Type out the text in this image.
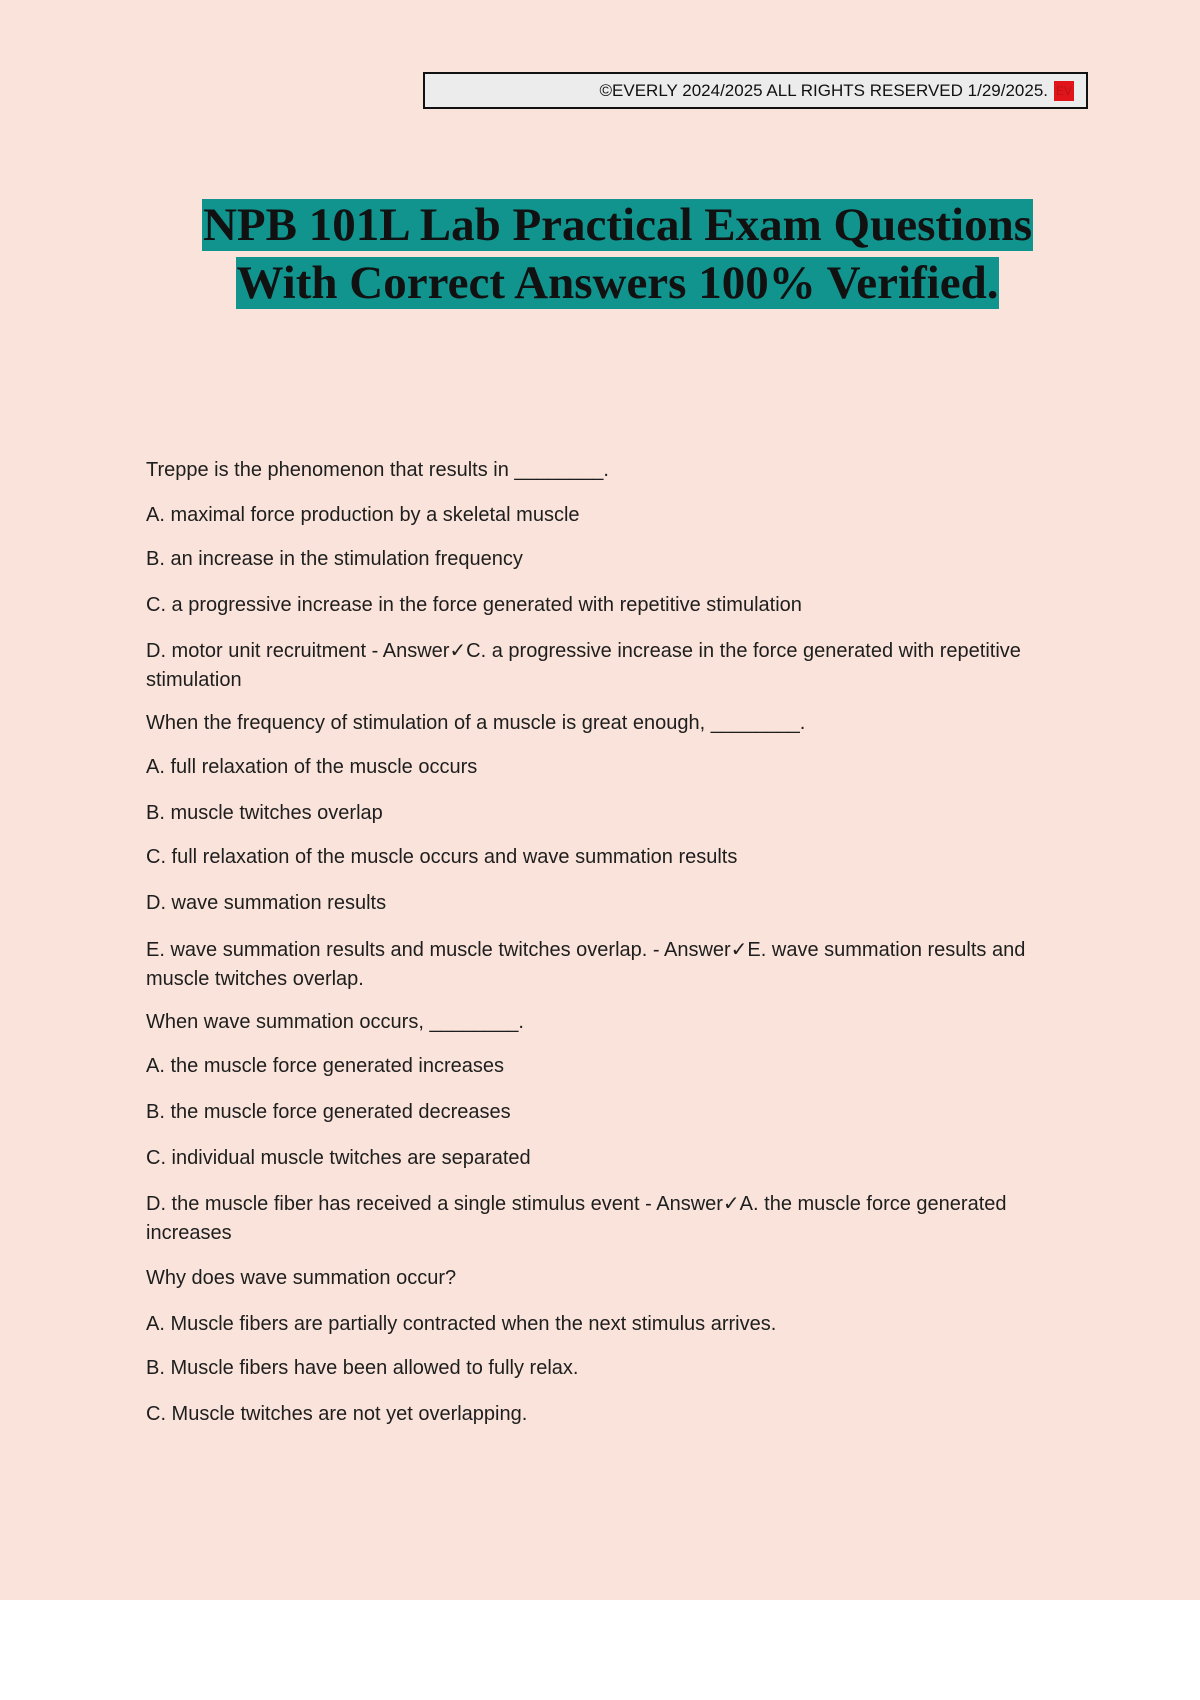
©EVERLY 2024/2025 ALL RIGHTS RESERVED 1/29/2025. EV
NPB 101L Lab Practical Exam Questions
With Correct Answers 100% Verified.

Treppe is the phenomenon that results in ________.

A. maximal force production by a skeletal muscle

B. an increase in the stimulation frequency

C. a progressive increase in the force generated with repetitive stimulation

D. motor unit recruitment - Answer✓C. a progressive increase in the force generated with repetitive stimulation

When the frequency of stimulation of a muscle is great enough, ________.

A. full relaxation of the muscle occurs

B. muscle twitches overlap

C. full relaxation of the muscle occurs and wave summation results

D. wave summation results

E. wave summation results and muscle twitches overlap. - Answer✓E. wave summation results and muscle twitches overlap.

When wave summation occurs, ________.

A. the muscle force generated increases

B. the muscle force generated decreases

C. individual muscle twitches are separated

D. the muscle fiber has received a single stimulus event - Answer✓A. the muscle force generated increases

Why does wave summation occur?

A. Muscle fibers are partially contracted when the next stimulus arrives.

B. Muscle fibers have been allowed to fully relax.

C. Muscle twitches are not yet overlapping.
